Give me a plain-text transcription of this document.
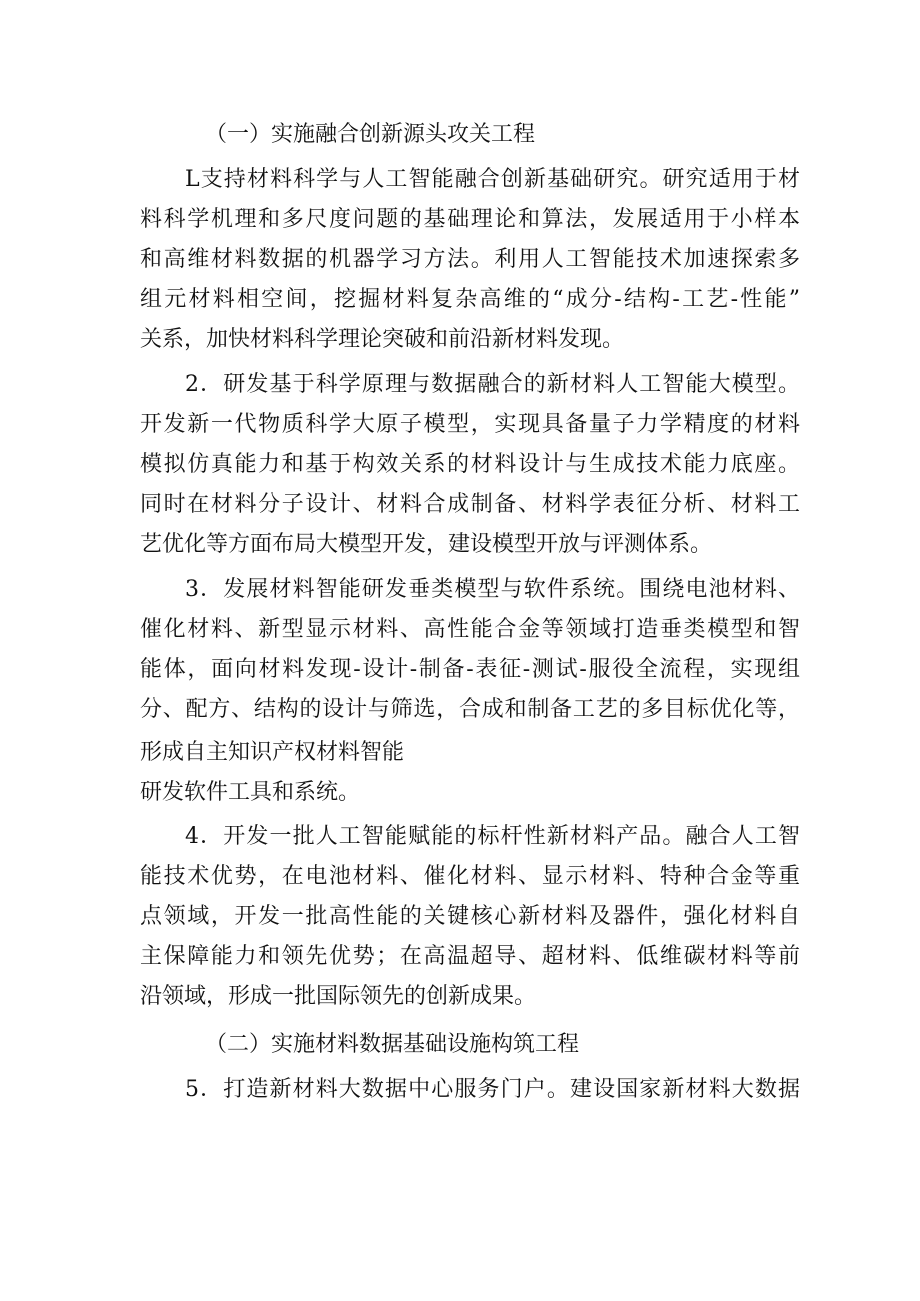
（一）实施融合创新源头攻关工程
L支持材料科学与人工智能融合创新基础研究。研究适用于材
料科学机理和多尺度问题的基础理论和算法，发展适用于小样本
和高维材料数据的机器学习方法。利用人工智能技术加速探索多
组元材料相空间，挖掘材料复杂高维的“成分-结构-工艺-性能”
关系，加快材料科学理论突破和前沿新材料发现。
2．研发基于科学原理与数据融合的新材料人工智能大模型。
开发新一代物质科学大原子模型，实现具备量子力学精度的材料
模拟仿真能力和基于构效关系的材料设计与生成技术能力底座。
同时在材料分子设计、材料合成制备、材料学表征分析、材料工
艺优化等方面布局大模型开发，建设模型开放与评测体系。
3．发展材料智能研发垂类模型与软件系统。围绕电池材料、
催化材料、新型显示材料、高性能合金等领域打造垂类模型和智
能体，面向材料发现-设计-制备-表征-测试-服役全流程，实现组
分、配方、结构的设计与筛选，合成和制备工艺的多目标优化等，
形成自主知识产权材料智能
研发软件工具和系统。
4．开发一批人工智能赋能的标杆性新材料产品。融合人工智
能技术优势，在电池材料、催化材料、显示材料、特种合金等重
点领域，开发一批高性能的关键核心新材料及器件，强化材料自
主保障能力和领先优势；在高温超导、超材料、低维碳材料等前
沿领域，形成一批国际领先的创新成果。
（二）实施材料数据基础设施构筑工程
5．打造新材料大数据中心服务门户。建设国家新材料大数据
